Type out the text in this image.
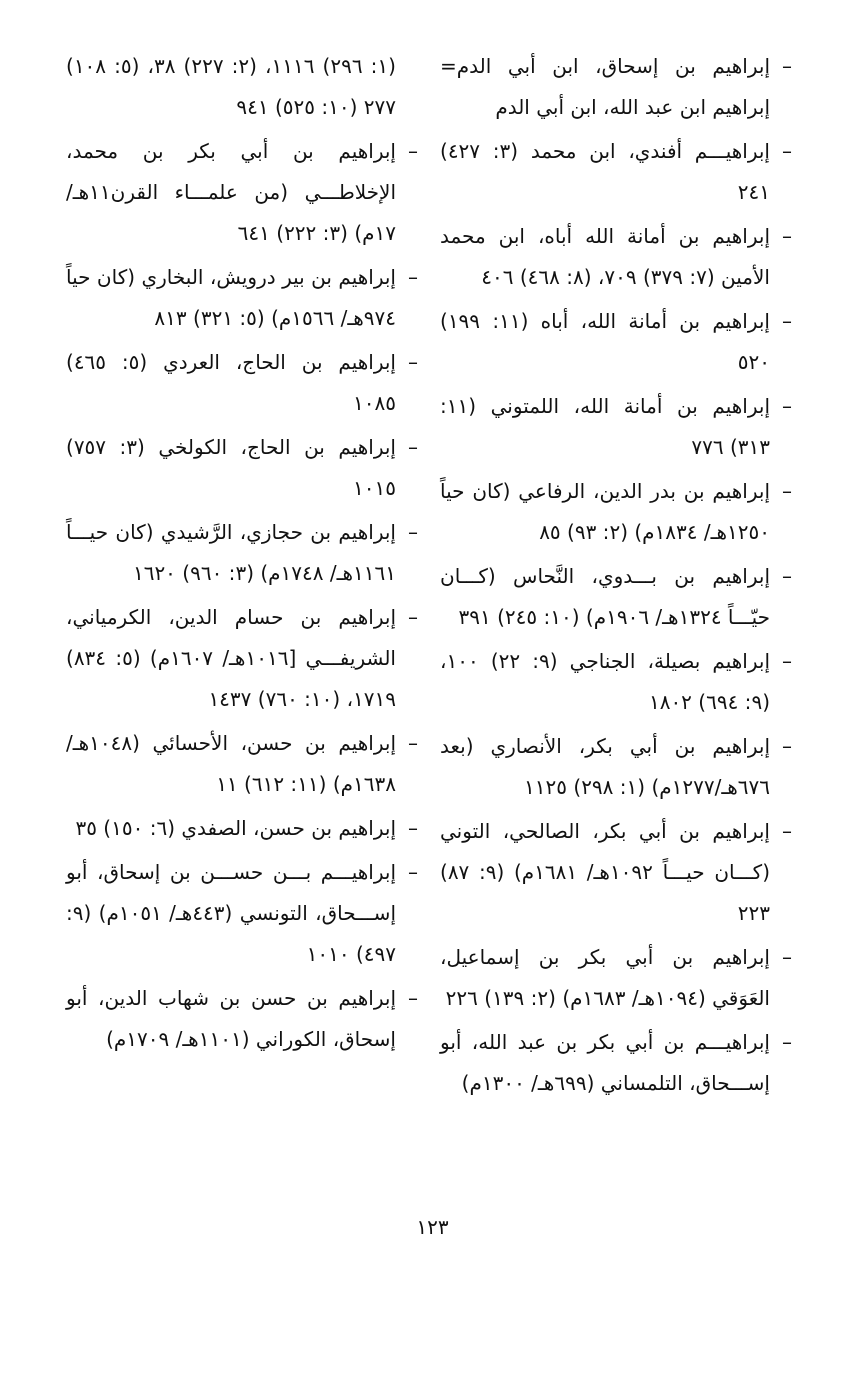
–
إبراهيم بن إسحاق، ابن أبي الدم= إبراهيم ابن عبد الله، ابن أبي الدم
–
إبراهيـــم أفندي، ابن محمد (٣: ٤٢٧) ٢٤١
–
إبراهيم بن أمانة الله أباه، ابن محمد الأمين (٧: ٣٧٩) ٧٠٩، (٨: ٤٦٨) ٤٠٦
–
إبراهيم بن أمانة الله، أباه (١١: ١٩٩) ٥٢٠
–
إبراهيم بن أمانة الله، اللمتوني (١١: ٣١٣) ٧٧٦
–
إبراهيم بن بدر الدين، الرفاعي (كان حياً ١٢٥٠هـ/ ١٨٣٤م) (٢: ٩٣) ٨٥
–
إبراهيم بن بـــدوي، النَّحاس (كـــان حيّـــاً ١٣٢٤هـ/ ١٩٠٦م) (١٠: ٢٤٥) ٣٩١
–
إبراهيم بصيلة، الجناجي (٩: ٢٢) ١٠٠، (٩: ٦٩٤) ١٨٠٢
–
إبراهيم بن أبي بكر، الأنصاري (بعد ٦٧٦هـ/١٢٧٧م) (١: ٢٩٨) ١١٢٥
–
إبراهيم بن أبي بكر، الصالحي، التوني (كـــان حيـــاً ١٠٩٢هـ/ ١٦٨١م) (٩: ٨٧) ٢٢٣
–
إبراهيم بن أبي بكر بن إسماعيل، العَوَقي (١٠٩٤هـ/ ١٦٨٣م) (٢: ١٣٩) ٢٢٦
–
إبراهيـــم بن أبي بكر بن عبد الله، أبو إســـحاق، التلمساني (٦٩٩هـ/ ١٣٠٠م)
(١: ٢٩٦) ١١١٦، (٢: ٢٢٧) ٣٨، (٥: ١٠٨) ٢٧٧ (١٠: ٥٢٥) ٩٤١
–
إبراهيم بن أبي بكر بن محمد، الإخلاطـــي (من علمـــاء القرن١١هـ/ ١٧م) (٣: ٢٢٢) ٦٤١
–
إبراهيم بن بير درويش، البخاري (كان حياً ٩٧٤هـ/ ١٥٦٦م) (٥: ٣٢١) ٨١٣
–
إبراهيم بن الحاج، العردي (٥: ٤٦٥) ١٠٨٥
–
إبراهيم بن الحاج، الكولخي (٣: ٧٥٧) ١٠١٥
–
إبراهيم بن حجازي، الرَّشيدي (كان حيـــاً ١١٦١هـ/ ١٧٤٨م) (٣: ٩٦٠) ١٦٢٠
–
إبراهيم بن حسام الدين، الكرمياني، الشريفـــي [١٠١٦هـ/ ١٦٠٧م) (٥: ٨٣٤) ١٧١٩، (١٠: ٧٦٠) ١٤٣٧
–
إبراهيم بن حسن، الأحسائي (١٠٤٨هـ/ ١٦٣٨م) (١١: ٦١٢) ١١
–
إبراهيم بن حسن، الصفدي (٦: ١٥٠) ٣٥
–
إبراهيـــم بـــن حســـن بن إسحاق، أبو إســـحاق، التونسي (٤٤٣هـ/ ١٠٥١م) (٩: ٤٩٧) ١٠١٠
–
إبراهيم بن حسن بن شهاب الدين، أبو إسحاق، الكوراني (١١٠١هـ/ ١٧٠٩م)
١٢٣
